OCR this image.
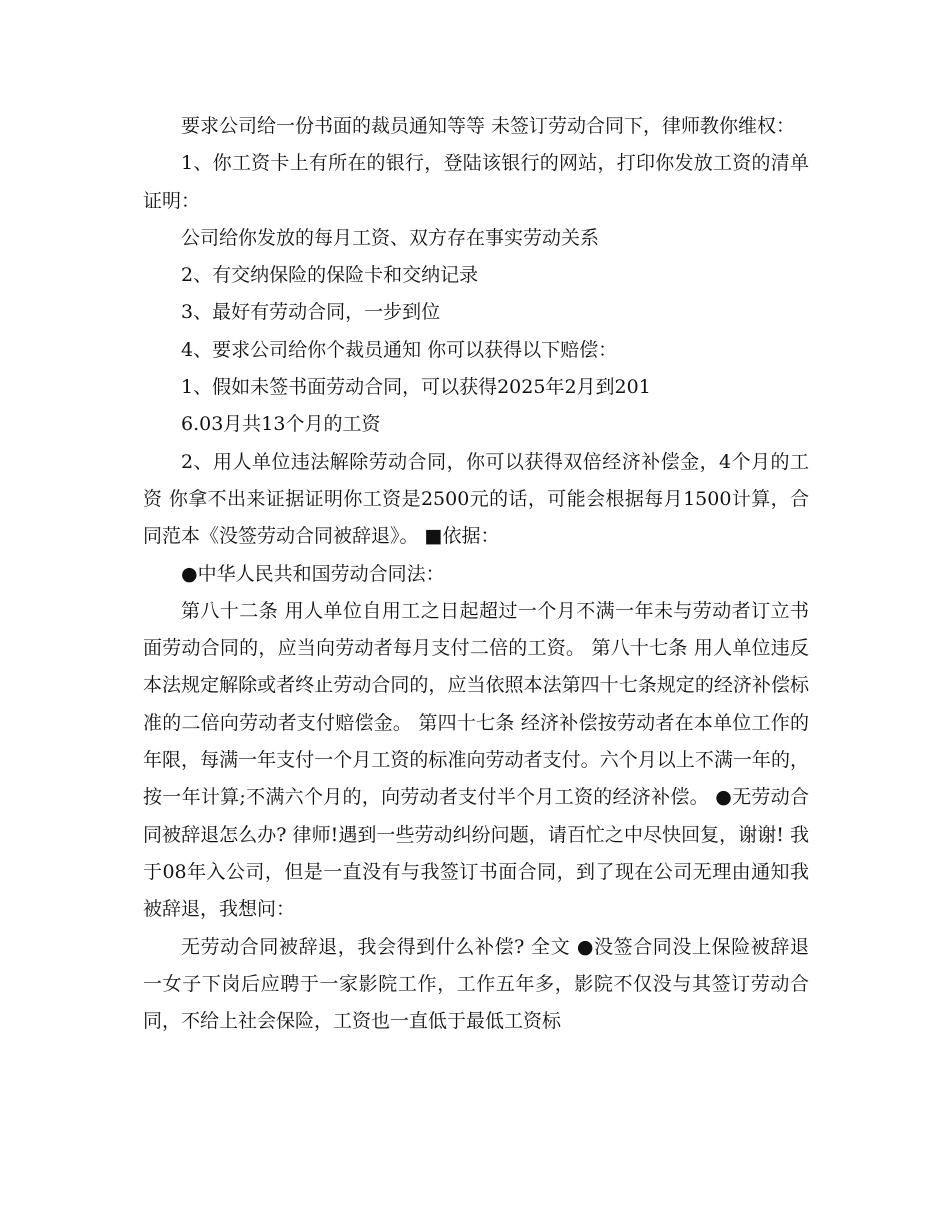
要求公司给一份书面的裁员通知等等 未签订劳动合同下，律师教你维权：

1、你工资卡上有所在的银行，登陆该银行的网站，打印你发放工资的清单 证明：

公司给你发放的每月工资、双方存在事实劳动关系

2、有交纳保险的保险卡和交纳记录

3、最好有劳动合同，一步到位

4、要求公司给你个裁员通知 你可以获得以下赔偿：

1、假如未签书面劳动合同，可以获得2025年2月到201

6.03月共13个月的工资

2、用人单位违法解除劳动合同，你可以获得双倍经济补偿金，4个月的工资 你拿不出来证据证明你工资是2500元的话，可能会根据每月1500计算，合同范本《没签劳动合同被辞退》。 ■依据：

●中华人民共和国劳动合同法：

第八十二条 用人单位自用工之日起超过一个月不满一年未与劳动者订立书面劳动合同的，应当向劳动者每月支付二倍的工资。 第八十七条 用人单位违反本法规定解除或者终止劳动合同的，应当依照本法第四十七条规定的经济补偿标准的二倍向劳动者支付赔偿金。 第四十七条 经济补偿按劳动者在本单位工作的年限，每满一年支付一个月工资的标准向劳动者支付。六个月以上不满一年的，按一年计算;不满六个月的，向劳动者支付半个月工资的经济补偿。 ●无劳动合同被辞退怎么办? 律师!遇到一些劳动纠纷问题，请百忙之中尽快回复，谢谢! 我于08年入公司，但是一直没有与我签订书面合同，到了现在公司无理由通知我被辞退，我想问：

无劳动合同被辞退，我会得到什么补偿? 全文 ●没签合同没上保险被辞退 一女子下岗后应聘于一家影院工作，工作五年多，影院不仅没与其签订劳动合同，不给上社会保险，工资也一直低于最低工资标
